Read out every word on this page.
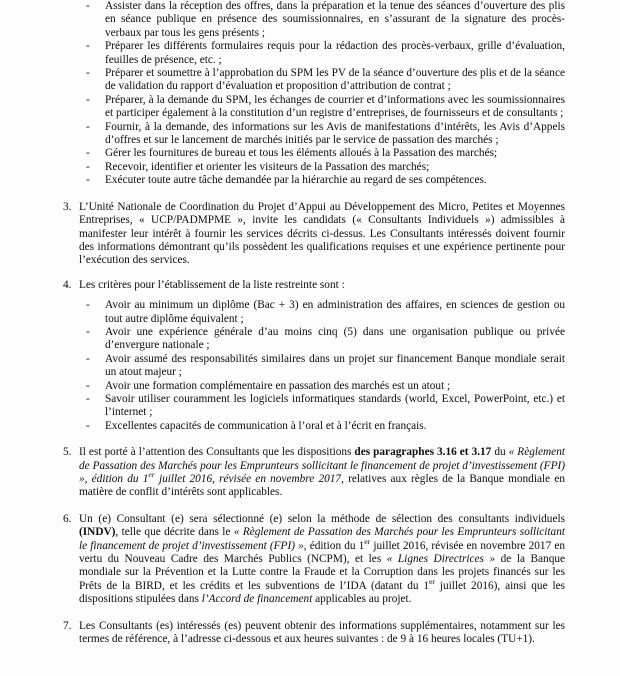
- Assister dans la réception des offres, dans la préparation et la tenue des séances d’ouverture des plis en séance publique en présence des soumissionnaires, en s’assurant de la signature des procès-verbaux par tous les gens présents ;
- Préparer les différents formulaires requis pour la rédaction des procès-verbaux, grille d’évaluation, feuilles de présence, etc. ;
- Préparer et soumettre à l’approbation du SPM les PV de la séance d’ouverture des plis et de la séance de validation du rapport d’évaluation et proposition d’attribution de contrat ;
- Préparer, à la demande du SPM, les échanges de courrier et d’informations avec les soumissionnaires et participer également à la constitution d’un registre d’entreprises, de fournisseurs et de consultants ;
- Fournir, à la demande, des informations sur les Avis de manifestations d’intérêts, les Avis d’Appels d’offres et sur le lancement de marchés initiés par le service de passation des marchés ;
- Gérer les fournitures de bureau et tous les éléments alloués à la Passation des marchés;
- Recevoir, identifier et orienter les visiteurs de la Passation des marchés;
- Exécuter toute autre tâche demandée par la hiérarchie au regard de ses compétences.
3. L’Unité Nationale de Coordination du Projet d’Appui au Développement des Micro, Petites et Moyennes Entreprises, « UCP/PADMPME », invite les candidats (« Consultants Individuels ») admissibles à manifester leur intérêt à fournir les services décrits ci-dessus. Les Consultants intéressés doivent fournir des informations démontrant qu’ils possèdent les qualifications requises et une expérience pertinente pour l’exécution des services.
4. Les critères pour l’établissement de la liste restreinte sont :
- Avoir au minimum un diplôme (Bac + 3) en administration des affaires, en sciences de gestion ou tout autre diplôme équivalent ;
- Avoir une expérience générale d’au moins cinq (5) dans une organisation publique ou privée d’envergure nationale ;
- Avoir assumé des responsabilités similaires dans un projet sur financement Banque mondiale serait un atout majeur ;
- Avoir une formation complémentaire en passation des marchés est un atout ;
- Savoir utiliser couramment les logiciels informatiques standards (world, Excel, PowerPoint, etc.) et l’internet ;
- Excellentes capacités de communication à l’oral et à l’écrit en français.
5. Il est porté à l’attention des Consultants que les dispositions des paragraphes 3.16 et 3.17 du « Règlement de Passation des Marchés pour les Emprunteurs sollicitant le financement de projet d’investissement (FPI) », édition du 1er juillet 2016, révisée en novembre 2017, relatives aux règles de la Banque mondiale en matière de conflit d’intérêts sont applicables.
6. Un (e) Consultant (e) sera sélectionné (e) selon la méthode de sélection des consultants individuels (INDV), telle que décrite dans le « Règlement de Passation des Marchés pour les Emprunteurs sollicitant le financement de projet d’investissement (FPI) », édition du 1er juillet 2016, révisée en novembre 2017 en vertu du Nouveau Cadre des Marchés Publics (NCPM), et les « Lignes Directrices » de la Banque mondiale sur la Prévention et la Lutte contre la Fraude et la Corruption dans les projets financés sur les Prêts de la BIRD, et les crédits et les subventions de l’IDA (datant du 1er juillet 2016), ainsi que les dispositions stipulées dans l’Accord de financement applicables au projet.
7. Les Consultants (es) intéressés (es) peuvent obtenir des informations supplémentaires, notamment sur les termes de référence, à l’adresse ci-dessous et aux heures suivantes : de 9 à 16 heures locales (TU+1).
